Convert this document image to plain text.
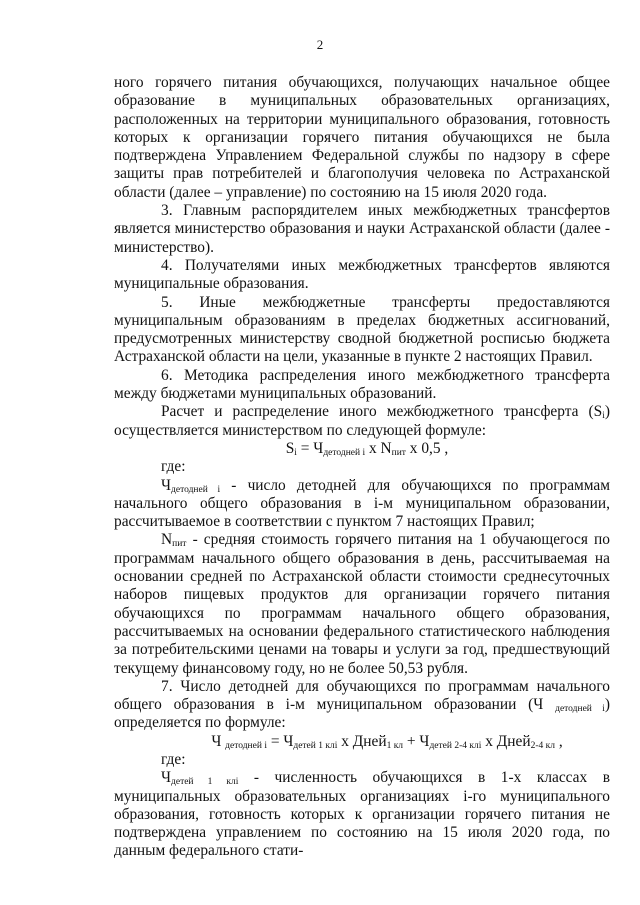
2

ного горячего питания обучающихся, получающих начальное общее образование в муниципальных образовательных организациях, расположенных на территории муниципального образования, готовность которых к организации горячего питания обучающихся не была подтверждена Управлением Федеральной службы по надзору в сфере защиты прав потребителей и благополучия человека по Астраханской области (далее – управление) по состоянию на 15 июля 2020 года.

3. Главным распорядителем иных межбюджетных трансфертов является министерство образования и науки Астраханской области (далее - министерство).

4. Получателями иных межбюджетных трансфертов являются муниципальные образования.

5. Иные межбюджетные трансферты предоставляются муниципальным образованиям в пределах бюджетных ассигнований, предусмотренных министерству сводной бюджетной росписью бюджета Астраханской области на цели, указанные в пункте 2 настоящих Правил.

6. Методика распределения иного межбюджетного трансферта между бюджетами муниципальных образований.

Расчет и распределение иного межбюджетного трансферта $(S_i)$ осуществляется министерством по следующей формуле:

$S_i = Ч_{детодней i}$ x $N_{пит}$ x 0,5 ,

где:

$Ч_{детодней i}$ - число детодней для обучающихся по программам начального общего образования в i-м муниципальном образовании, рассчитываемое в соответствии с пунктом 7 настоящих Правил;

$N_{пит}$ - средняя стоимость горячего питания на 1 обучающегося по программам начального общего образования в день, рассчитываемая на основании средней по Астраханской области стоимости среднесуточных наборов пищевых продуктов для организации горячего питания обучающихся по программам начального общего образования, рассчитываемых на основании федерального статистического наблюдения за потребительскими ценами на товары и услуги за год, предшествующий текущему финансовому году, но не более 50,53 рубля.

7. Число детодней для обучающихся по программам начального общего образования в i-м муниципальном образовании (Ч $_{детодней i}$) определяется по формуле:

Ч $_{детодней i} = Ч_{детей 1 клi}$ x Дней$_{1 кл}$ + $Ч_{детей 2-4 клi}$ x Дней$_{2-4 кл}$ ,

где:

$Ч_{детей 1 клi}$ - численность обучающихся в 1-х классах в муниципальных образовательных организациях i-го муниципального образования, готовность которых к организации горячего питания не подтверждена управлением по состоянию на 15 июля 2020 года, по данным федерального стати-
